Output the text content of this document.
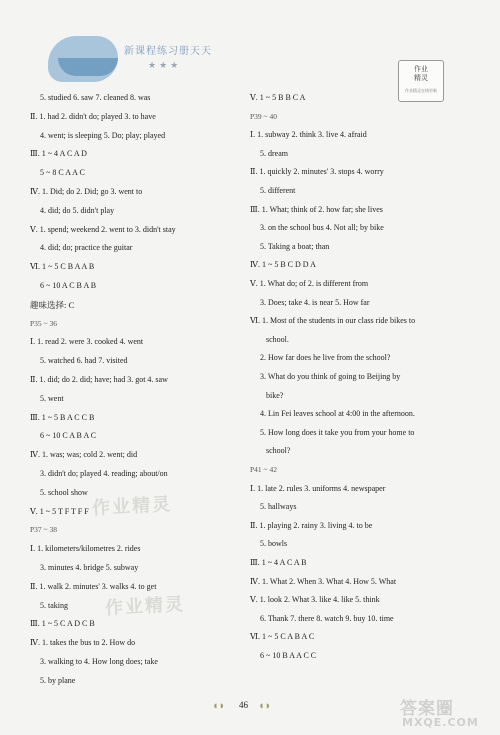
新课程练习册天天
★★★	作业
精灵
作业精灵在线更新
5. studied 6. saw 7. cleaned 8. was
Ⅱ. 1. had 2. didn't do; played 3. to have
4. went; is sleeping 5. Do; play; played
Ⅲ. 1 ~ 4 A C A D
5 ~ 8 C A A C
Ⅳ. 1. Did; do 2. Did; go 3. went to
4. did; do 5. didn't play
Ⅴ. 1. spend; weekend 2. went to 3. didn't stay
4. did; do; practice the guitar
Ⅵ. 1 ~ 5 C B A A B
6 ~ 10 A C B A B
趣味选择: C
P35 ~ 36
Ⅰ. 1. read 2. were 3. cooked 4. went
5. watched 6. had 7. visited
Ⅱ. 1. did; do 2. did; have; had 3. got 4. saw
5. went
Ⅲ. 1 ~ 5 B A C C B
6 ~ 10 C A B A C
Ⅳ. 1. was; was; cold 2. went; did
3. didn't do; played 4. reading; about/on
5. school show
Ⅴ. 1 ~ 5 T F T F F
P37 ~ 38
Ⅰ. 1. kilometers/kilometres 2. rides
3. minutes 4. bridge 5. subway
Ⅱ. 1. walk 2. minutes' 3. walks 4. to get
5. taking
Ⅲ. 1 ~ 5 C A D C B
Ⅳ. 1. takes the bus to 2. How do
3. walking to 4. How long does; take
5. by plane
Ⅴ. 1 ~ 5 B B C A
P39 ~ 40
Ⅰ. 1. subway 2. think 3. live 4. afraid
5. dream
Ⅱ. 1. quickly 2. minutes' 3. stops 4. worry
5. different
Ⅲ. 1. What; think of 2. how far; she lives
3. on the school bus 4. Not all; by bike
5. Taking a boat; than
Ⅳ. 1 ~ 5 B C D D A
Ⅴ. 1. What do; of 2. is different from
3. Does; take 4. is near 5. How far
Ⅵ. 1. Most of the students in our class ride bikes to
school.
2. How far does he live from the school?
3. What do you think of going to Beijing by
bike?
4. Lin Fei leaves school at 4:00 in the afternoon.
5. How long does it take you from your home to
school?
P41 ~ 42
Ⅰ. 1. late 2. rules 3. uniforms 4. newspaper
5. hallways
Ⅱ. 1. playing 2. rainy 3. living 4. to be
5. bowls
Ⅲ. 1 ~ 4 A C A B
Ⅳ. 1. What 2. When 3. What 4. How 5. What
Ⅴ. 1. look 2. What 3. like 4. like 5. think
6. Thank 7. there 8. watch 9. buy 10. time
Ⅵ. 1 ~ 5 C A B A C
6 ~ 10 B A A C C
作业精灵
作业精灵
◖◗ 46 ◖◗	答案圈
MXQE.COM
